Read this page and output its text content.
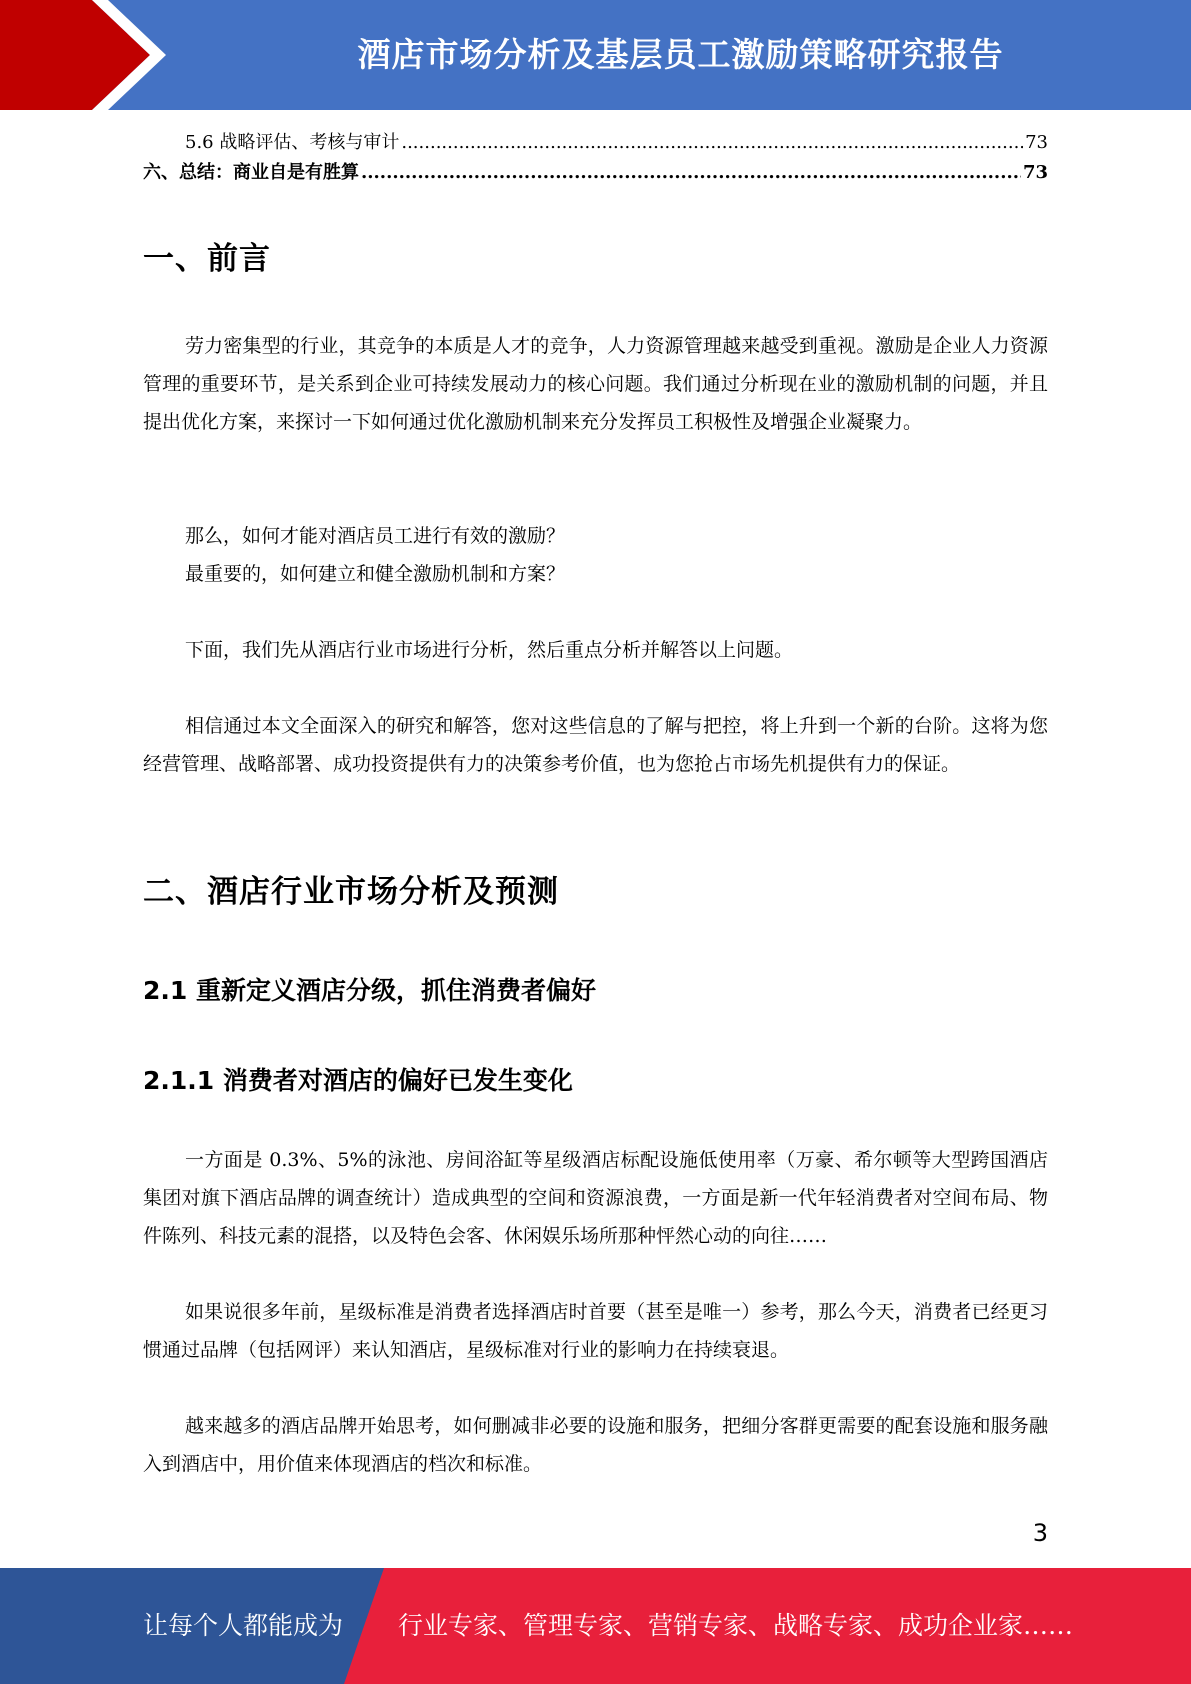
酒店市场分析及基层员工激励策略研究报告
5.6 战略评估、考核与审计 .....	73
六、总结：商业自是有胜算 .....	73
一、前言

劳力密集型的行业，其竞争的本质是人才的竞争，人力资源管理越来越受到重视。激励是企业人力资源管理的重要环节，是关系到企业可持续发展动力的核心问题。我们通过分析现在业的激励机制的问题，并且提出优化方案，来探讨一下如何通过优化激励机制来充分发挥员工积极性及增强企业凝聚力。

那么，如何才能对酒店员工进行有效的激励？

最重要的，如何建立和健全激励机制和方案？

下面，我们先从酒店行业市场进行分析，然后重点分析并解答以上问题。

相信通过本文全面深入的研究和解答，您对这些信息的了解与把控，将上升到一个新的台阶。这将为您经营管理、战略部署、成功投资提供有力的决策参考价值，也为您抢占市场先机提供有力的保证。

二、酒店行业市场分析及预测
2.1 重新定义酒店分级，抓住消费者偏好
2.1.1 消费者对酒店的偏好已发生变化

一方面是 0.3%、5%的泳池、房间浴缸等星级酒店标配设施低使用率（万豪、希尔顿等大型跨国酒店集团对旗下酒店品牌的调查统计）造成典型的空间和资源浪费，一方面是新一代年轻消费者对空间布局、物件陈列、科技元素的混搭，以及特色会客、休闲娱乐场所那种怦然心动的向往……

如果说很多年前，星级标准是消费者选择酒店时首要（甚至是唯一）参考，那么今天，消费者已经更习惯通过品牌（包括网评）来认知酒店，星级标准对行业的影响力在持续衰退。

越来越多的酒店品牌开始思考，如何删减非必要的设施和服务，把细分客群更需要的配套设施和服务融入到酒店中，用价值来体现酒店的档次和标准。

3
让每个人都能成为 行业专家、管理专家、营销专家、战略专家、成功企业家……
